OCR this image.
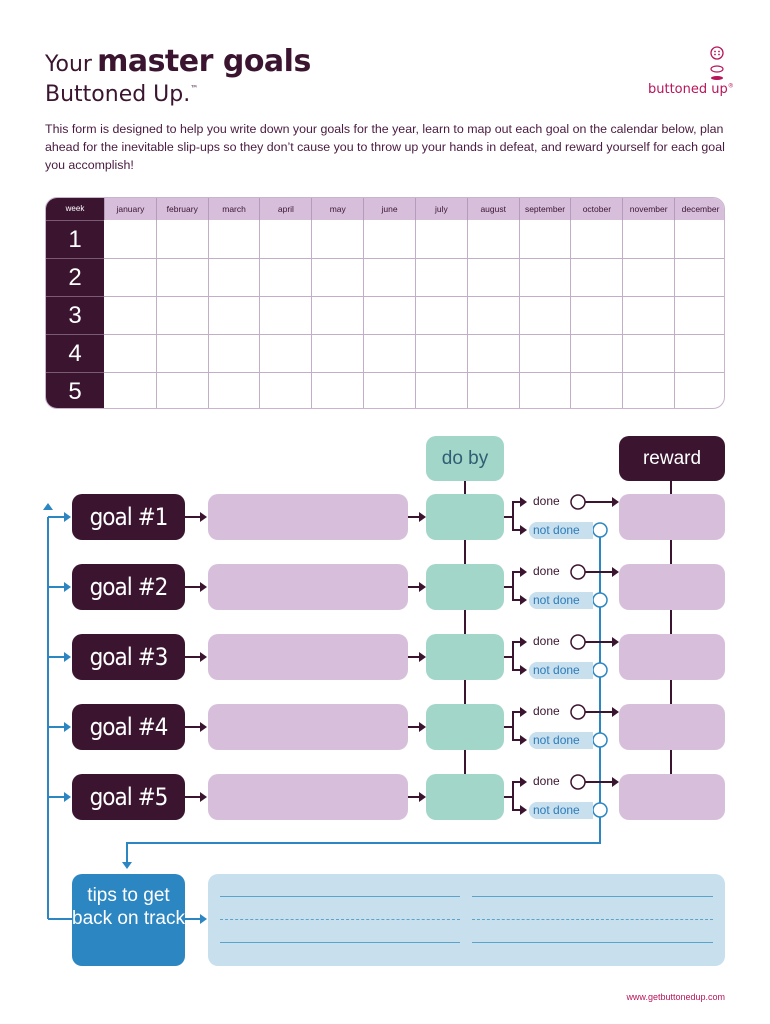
Your master goals
Buttoned Up.™	buttoned up®
This form is designed to help you write down your goals for the year, learn to map out each goal on the calendar below, plan ahead for the inevitable slip-ups so they don’t cause you to throw up your hands in defeat, and reward yourself for each goal you accomplish!
week	january	february	march	april	may	june	july	august	september	october	november	december
1
2
3
4
5
do by	reward
goal #1
done
not done
goal #2
done
not done
goal #3
done
not done
goal #4
done
not done
goal #5
done
not done
tips to get back on track
www.getbuttonedup.com
